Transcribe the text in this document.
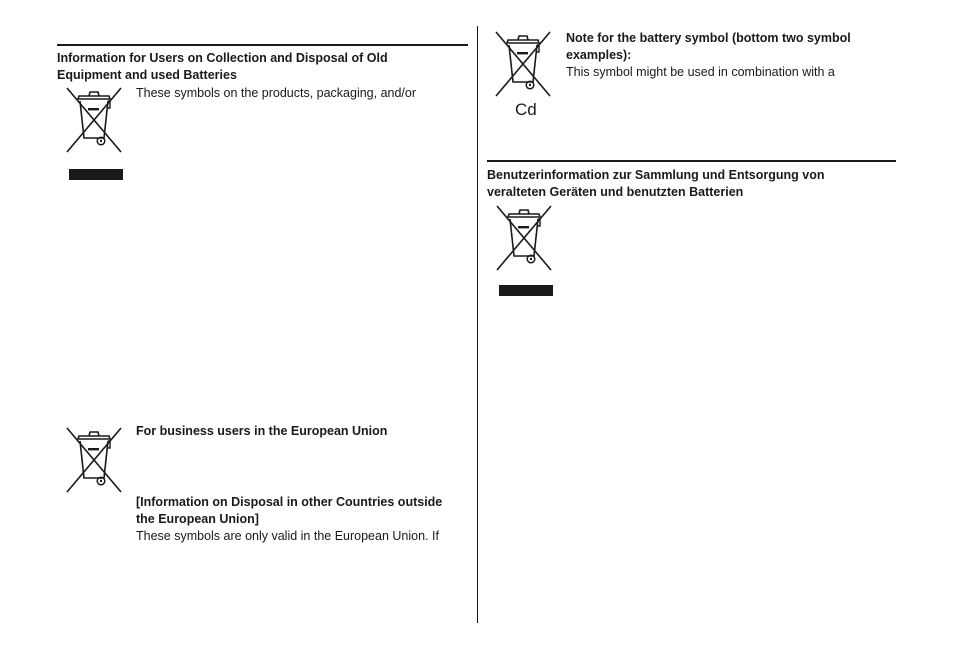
Information for Users on Collection and Disposal of Old
Equipment and used Batteries
These symbols on the products, packaging, and/or
For business users in the European Union
[Information on Disposal in other Countries outside
the European Union]
These symbols are only valid in the European Union. If
Cd
Note for the battery symbol (bottom two symbol
examples):
This symbol might be used in combination with a
Benutzerinformation zur Sammlung und Entsorgung von
veralteten Geräten und benutzten Batterien
